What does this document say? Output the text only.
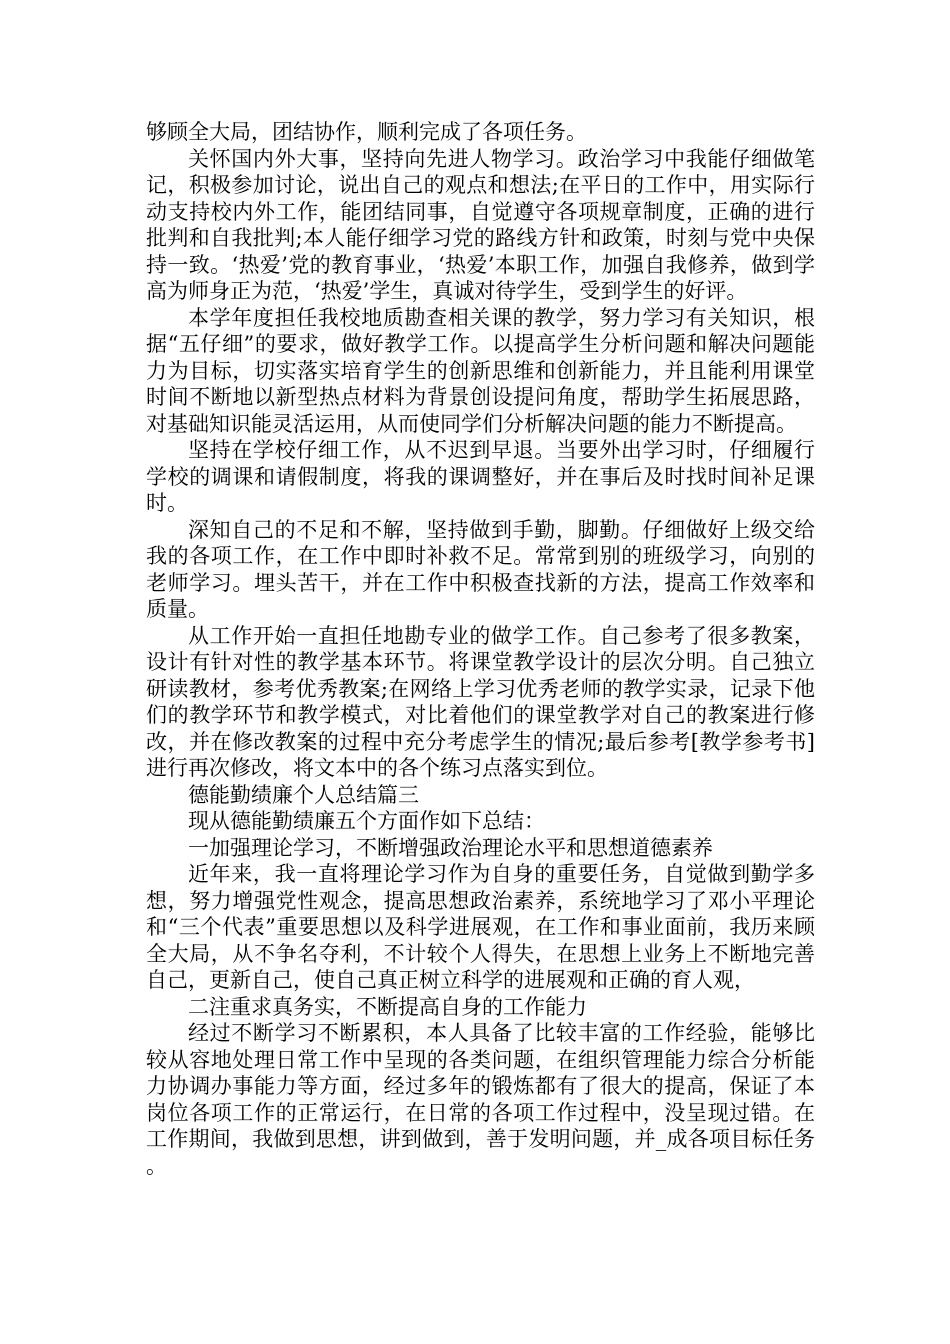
够顾全大局，团结协作，顺利完成了各项任务。

关怀国内外大事，坚持向先进人物学习。政治学习中我能仔细做笔记，积极参加讨论，说出自己的观点和想法;在平日的工作中，用实际行动支持校内外工作，能团结同事，自觉遵守各项规章制度，正确的进行批判和自我批判;本人能仔细学习党的路线方针和政策，时刻与党中央保持一致。‘热爱’党的教育事业，‘热爱’本职工作，加强自我修养，做到学高为师身正为范，‘热爱’学生，真诚对待学生，受到学生的好评。

本学年度担任我校地质勘查相关课的教学，努力学习有关知识，根据“五仔细”的要求，做好教学工作。以提高学生分析问题和解决问题能力为目标，切实落实培育学生的创新思维和创新能力，并且能利用课堂时间不断地以新型热点材料为背景创设提问角度，帮助学生拓展思路，对基础知识能灵活运用，从而使同学们分析解决问题的能力不断提高。

坚持在学校仔细工作，从不迟到早退。当要外出学习时，仔细履行学校的调课和请假制度，将我的课调整好，并在事后及时找时间补足课时。

深知自己的不足和不解，坚持做到手勤，脚勤。仔细做好上级交给我的各项工作，在工作中即时补救不足。常常到别的班级学习，向别的老师学习。埋头苦干，并在工作中积极查找新的方法，提高工作效率和质量。

从工作开始一直担任地勘专业的做学工作。自己参考了很多教案，设计有针对性的教学基本环节。将课堂教学设计的层次分明。自己独立研读教材，参考优秀教案;在网络上学习优秀老师的教学实录，记录下他们的教学环节和教学模式，对比着他们的课堂教学对自己的教案进行修改，并在修改教案的过程中充分考虑学生的情况;最后参考[教学参考书]进行再次修改，将文本中的各个练习点落实到位。

德能勤绩廉个人总结篇三

现从德能勤绩廉五个方面作如下总结：

一加强理论学习，不断增强政治理论水平和思想道德素养

近年来，我一直将理论学习作为自身的重要任务，自觉做到勤学多想，努力增强党性观念，提高思想政治素养，系统地学习了邓小平理论和“三个代表”重要思想以及科学进展观，在工作和事业面前，我历来顾全大局，从不争名夺利，不计较个人得失，在思想上业务上不断地完善自己，更新自己，使自己真正树立科学的进展观和正确的育人观，

二注重求真务实，不断提高自身的工作能力

经过不断学习不断累积，本人具备了比较丰富的工作经验，能够比较从容地处理日常工作中呈现的各类问题，在组织管理能力综合分析能力协调办事能力等方面，经过多年的锻炼都有了很大的提高，保证了本岗位各项工作的正常运行，在日常的各项工作过程中，没呈现过错。在工作期间，我做到思想，讲到做到，善于发明问题，并_成各项目标任务。
